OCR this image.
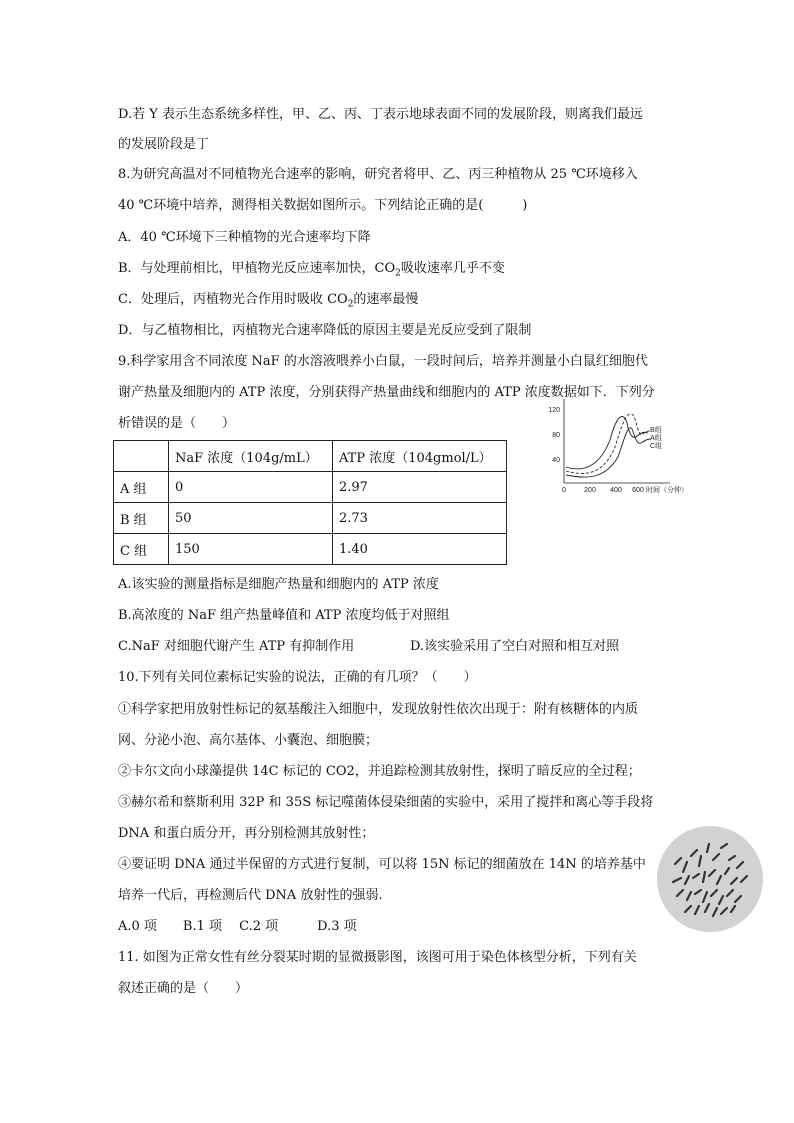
D.若 Y 表示生态系统多样性，甲、乙、丙、丁表示地球表面不同的发展阶段，则离我们最远
的发展阶段是丁
8.为研究高温对不同植物光合速率的影响，研究者将甲、乙、丙三种植物从 25 ℃环境移入
40 ℃环境中培养，测得相关数据如图所示。下列结论正确的是(　　　)
A．40 ℃环境下三种植物的光合速率均下降
B．与处理前相比，甲植物光反应速率加快，$CO_2$吸收速率几乎不变
C．处理后，丙植物光合作用时吸收 $CO_2$的速率最慢
D．与乙植物相比，丙植物光合速率降低的原因主要是光反应受到了限制
9.科学家用含不同浓度 NaF 的水溶液喂养小白鼠，一段时间后，培养并测量小白鼠红细胞代
谢产热量及细胞内的 ATP 浓度，分别获得产热量曲线和细胞内的 ATP 浓度数据如下．下列分
析错误的是（　　）
	NaF 浓度（104g/mL）	ATP 浓度（104gmol/L）
A 组	0	2.97
B 组	50	2.73
C 组	150	1.40
120
80
40
0	200 400 600 时间（分钟）
B组
A组
C组
A.该实验的测量指标是细胞产热量和细胞内的 ATP 浓度
B.高浓度的 NaF 组产热量峰值和 ATP 浓度均低于对照组
C.NaF 对细胞代谢产生 ATP 有抑制作用	D.该实验采用了空白对照和相互对照
10.下列有关同位素标记实验的说法，正确的有几项？（　　）
①科学家把用放射性标记的氨基酸注入细胞中，发现放射性依次出现于：附有核糖体的内质
网、分泌小泡、高尔基体、小囊泡、细胞膜；
②卡尔文向小球藻提供 14C 标记的 CO2，并追踪检测其放射性，探明了暗反应的全过程；
③赫尔希和蔡斯利用 32P 和 35S 标记噬菌体侵染细菌的实验中，采用了搅拌和离心等手段将
DNA 和蛋白质分开，再分别检测其放射性；
④要证明 DNA 通过半保留的方式进行复制，可以将 15N 标记的细菌放在 14N 的培养基中
培养一代后，再检测后代 DNA 放射性的强弱.
A.0 项　　B.1 项　 C.2 项　　　D.3 项
11. 如图为正常女性有丝分裂某时期的显微摄影图，该图可用于染色体核型分析，下列有关
叙述正确的是（　　）
